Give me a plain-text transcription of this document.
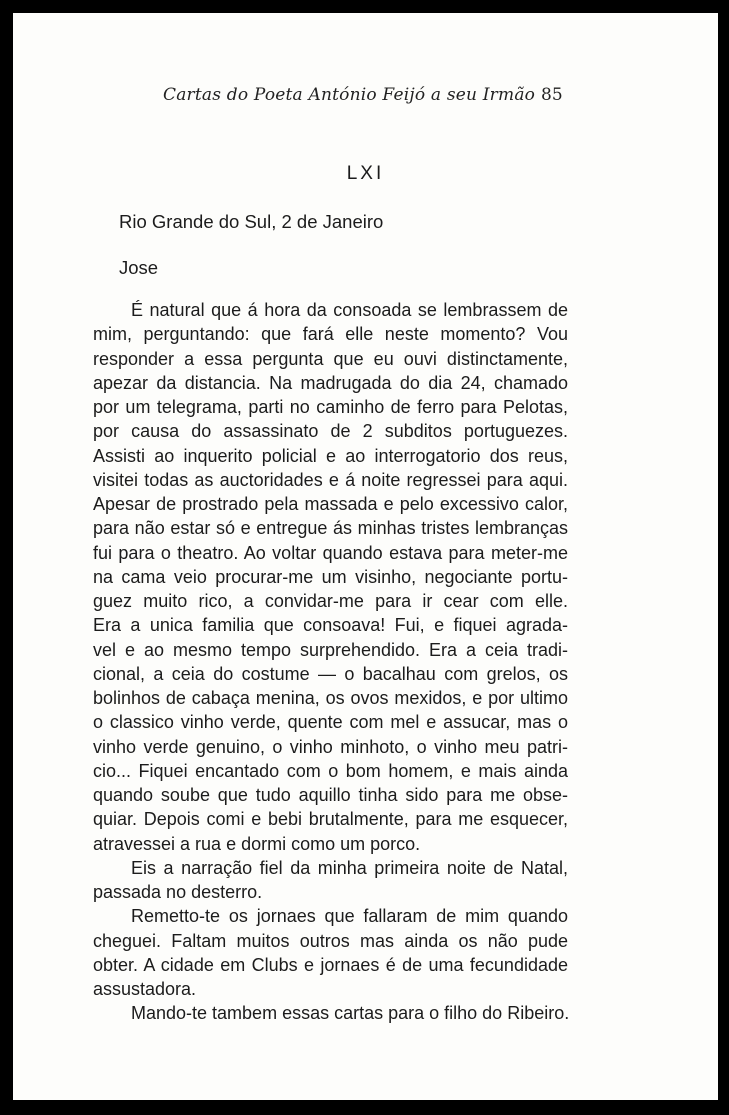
Cartas do Poeta António Feijó a seu Irmão 85
LXI
Rio Grande do Sul, 2 de Janeiro
Jose
É natural que á hora da consoada se lembrassem de
mim, perguntando: que fará elle neste momento? Vou
responder a essa pergunta que eu ouvi distinctamente,
apezar da distancia. Na madrugada do dia 24, chamado
por um telegrama, parti no caminho de ferro para Pelotas,
por causa do assassinato de 2 subditos portuguezes.
Assisti ao inquerito policial e ao interrogatorio dos reus,
visitei todas as auctoridades e á noite regressei para aqui.
Apesar de prostrado pela massada e pelo excessivo calor,
para não estar só e entregue ás minhas tristes lembranças
fui para o theatro. Ao voltar quando estava para meter-me
na cama veio procurar-me um visinho, negociante portu-
guez muito rico, a convidar-me para ir cear com elle.
Era a unica familia que consoava! Fui, e fiquei agrada-
vel e ao mesmo tempo surprehendido. Era a ceia tradi-
cional, a ceia do costume — o bacalhau com grelos, os
bolinhos de cabaça menina, os ovos mexidos, e por ultimo
o classico vinho verde, quente com mel e assucar, mas o
vinho verde genuino, o vinho minhoto, o vinho meu patri-
cio... Fiquei encantado com o bom homem, e mais ainda
quando soube que tudo aquillo tinha sido para me obse-
quiar. Depois comi e bebi brutalmente, para me esquecer,
atravessei a rua e dormi como um porco.
Eis a narração fiel da minha primeira noite de Natal,
passada no desterro.
Remetto-te os jornaes que fallaram de mim quando
cheguei. Faltam muitos outros mas ainda os não pude
obter. A cidade em Clubs e jornaes é de uma fecundidade
assustadora.
Mando-te tambem essas cartas para o filho do Ribeiro.
